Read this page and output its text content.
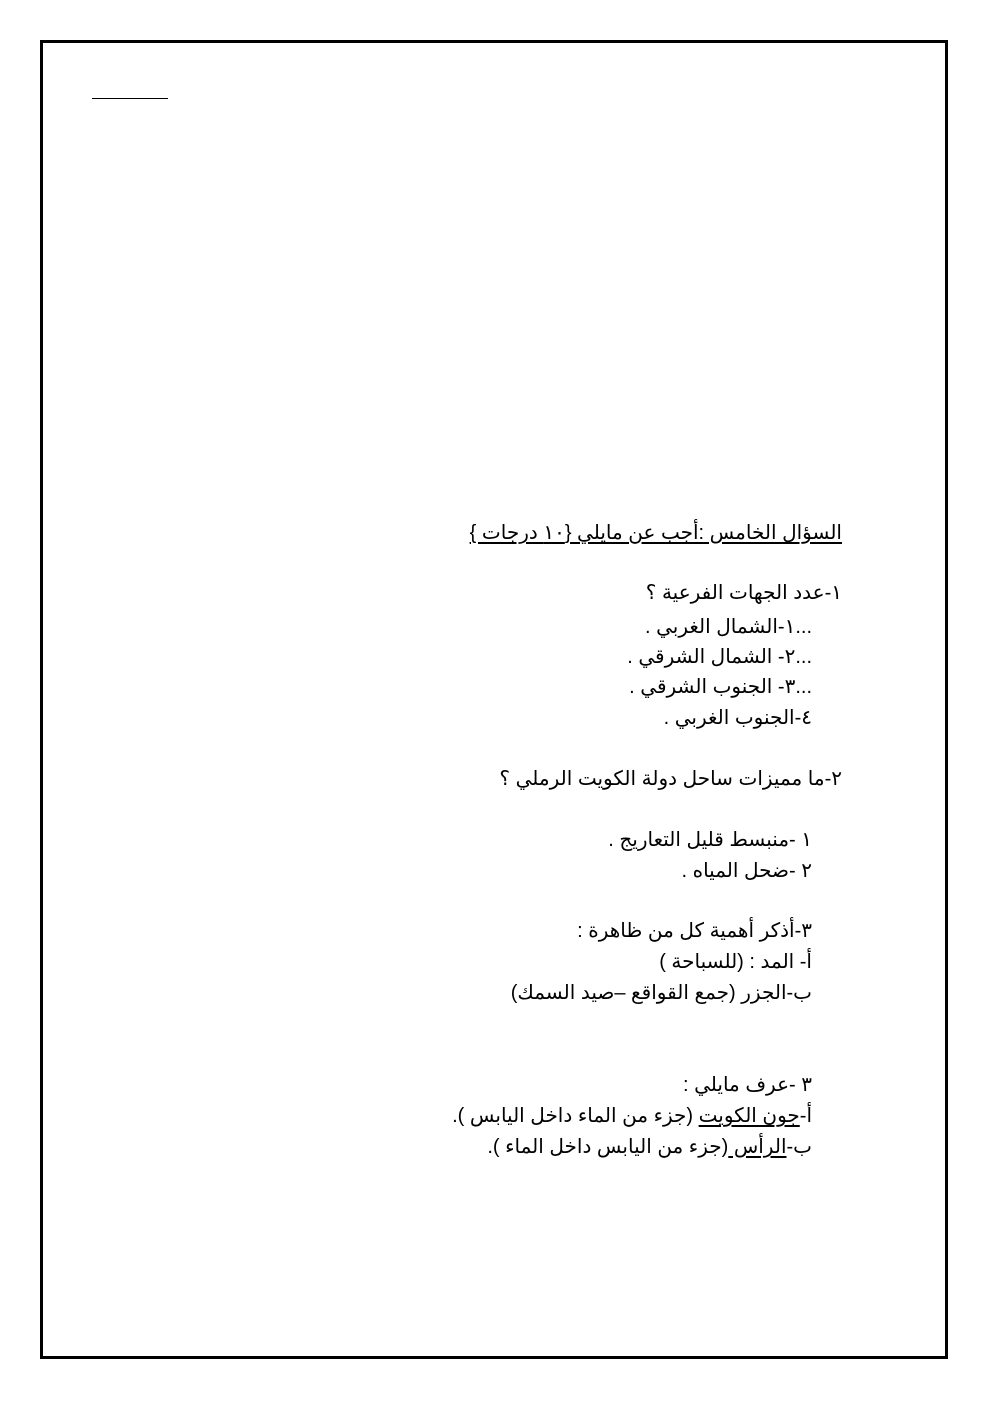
السؤال الخامس :أجب عن مايلي {١٠ درجات }
١-عدد الجهات الفرعية ؟
...١-الشمال الغربي .
...٢- الشمال الشرقي .
...٣- الجنوب الشرقي .
٤-الجنوب الغربي .
٢-ما مميزات ساحل دولة الكويت الرملي ؟
١ -منبسط قليل التعاريج .
٢ -ضحل المياه .
٣-أذكر أهمية كل من ظاهرة :
أ- المد : (للسباحة )
ب-الجزر (جمع القواقع –صيد السمك)
٣ -عرف مايلي :
أ-جون الكويت (جزء من الماء داخل اليابس ).
ب-الرأس (جزء من اليابس داخل الماء ).
